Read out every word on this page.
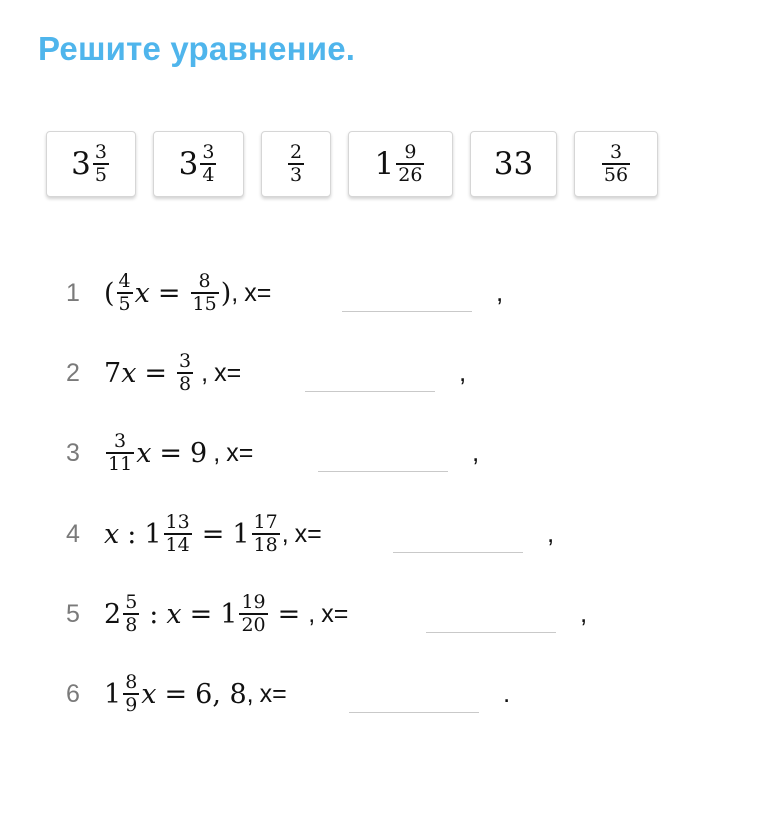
Решите уравнение.
$3 \frac{3}{5} 3 \frac{3}{4}$	$\frac{2}{3} 1 \frac{9}{26} 33$	$\frac{3}{56}$
1 ( $\frac{4}{5}$ $x = \frac{8}{15}$ ) , x=	,
2 7 $x = \frac{3}{8}$ , x=	,
$3 \frac{3}{11}$ x = 9 , x=	,
4 x : $1 \frac{13}{14} = 1 \frac{17}{18}$ , x=	,
5 $2 \frac{5}{8}$ : $x = 1 \frac{19}{20}$ = , x=	,
6 $1 \frac{8}{9}$ x = 6, 8 , x=	.
